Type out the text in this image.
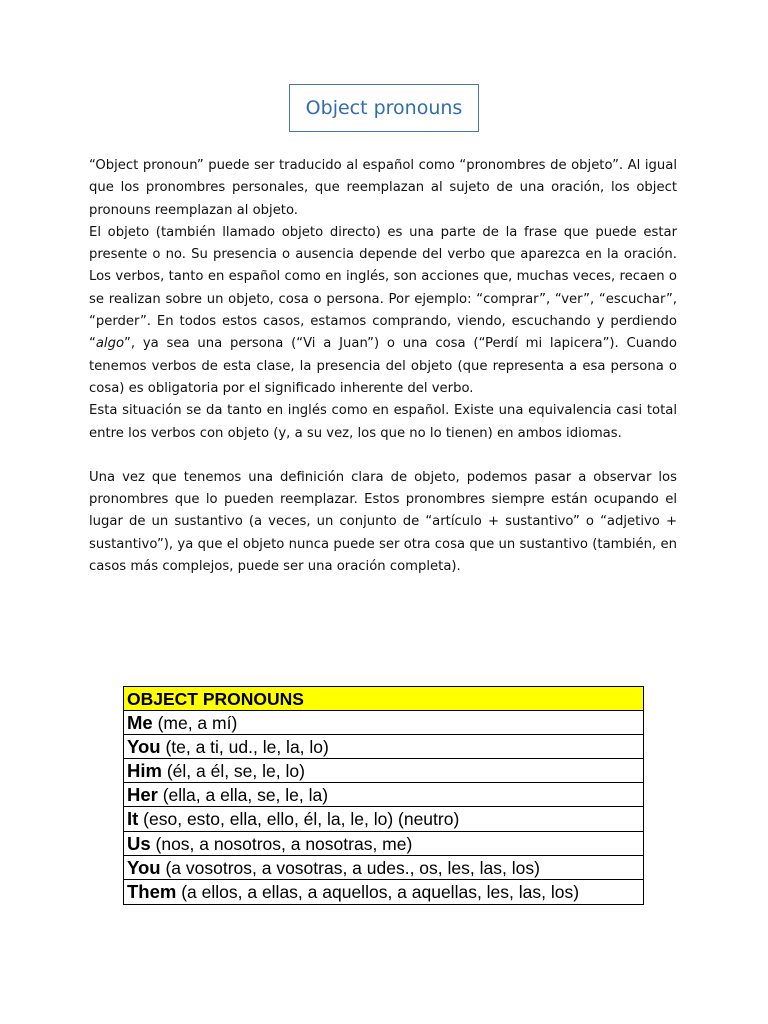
Object pronouns

“Object pronoun” puede ser traducido al español como “pronombres de objeto”. Al igual que los pronombres personales, que reemplazan al sujeto de una oración, los object pronouns reemplazan al objeto.

El objeto (también llamado objeto directo) es una parte de la frase que puede estar presente o no. Su presencia o ausencia depende del verbo que aparezca en la oración. Los verbos, tanto en español como en inglés, son acciones que, muchas veces, recaen o se realizan sobre un objeto, cosa o persona. Por ejemplo: “comprar”, “ver”, “escuchar”, “perder”. En todos estos casos, estamos comprando, viendo, escuchando y perdiendo “algo”, ya sea una persona (“Vi a Juan”) o una cosa (“Perdí mi lapicera”). Cuando tenemos verbos de esta clase, la presencia del objeto (que representa a esa persona o cosa) es obligatoria por el significado inherente del verbo.

Esta situación se da tanto en inglés como en español. Existe una equivalencia casi total entre los verbos con objeto (y, a su vez, los que no lo tienen) en ambos idiomas.

Una vez que tenemos una definición clara de objeto, podemos pasar a observar los pronombres que lo pueden reemplazar. Estos pronombres siempre están ocupando el lugar de un sustantivo (a veces, un conjunto de “artículo + sustantivo” o “adjetivo + sustantivo”), ya que el objeto nunca puede ser otra cosa que un sustantivo (también, en casos más complejos, puede ser una oración completa).

OBJECT PRONOUNS
Me (me, a mí)
You (te, a ti, ud., le, la, lo)
Him (él, a él, se, le, lo)
Her (ella, a ella, se, le, la)
It (eso, esto, ella, ello, él, la, le, lo) (neutro)
Us (nos, a nosotros, a nosotras, me)
You (a vosotros, a vosotras, a udes., os, les, las, los)
Them (a ellos, a ellas, a aquellos, a aquellas, les, las, los)
